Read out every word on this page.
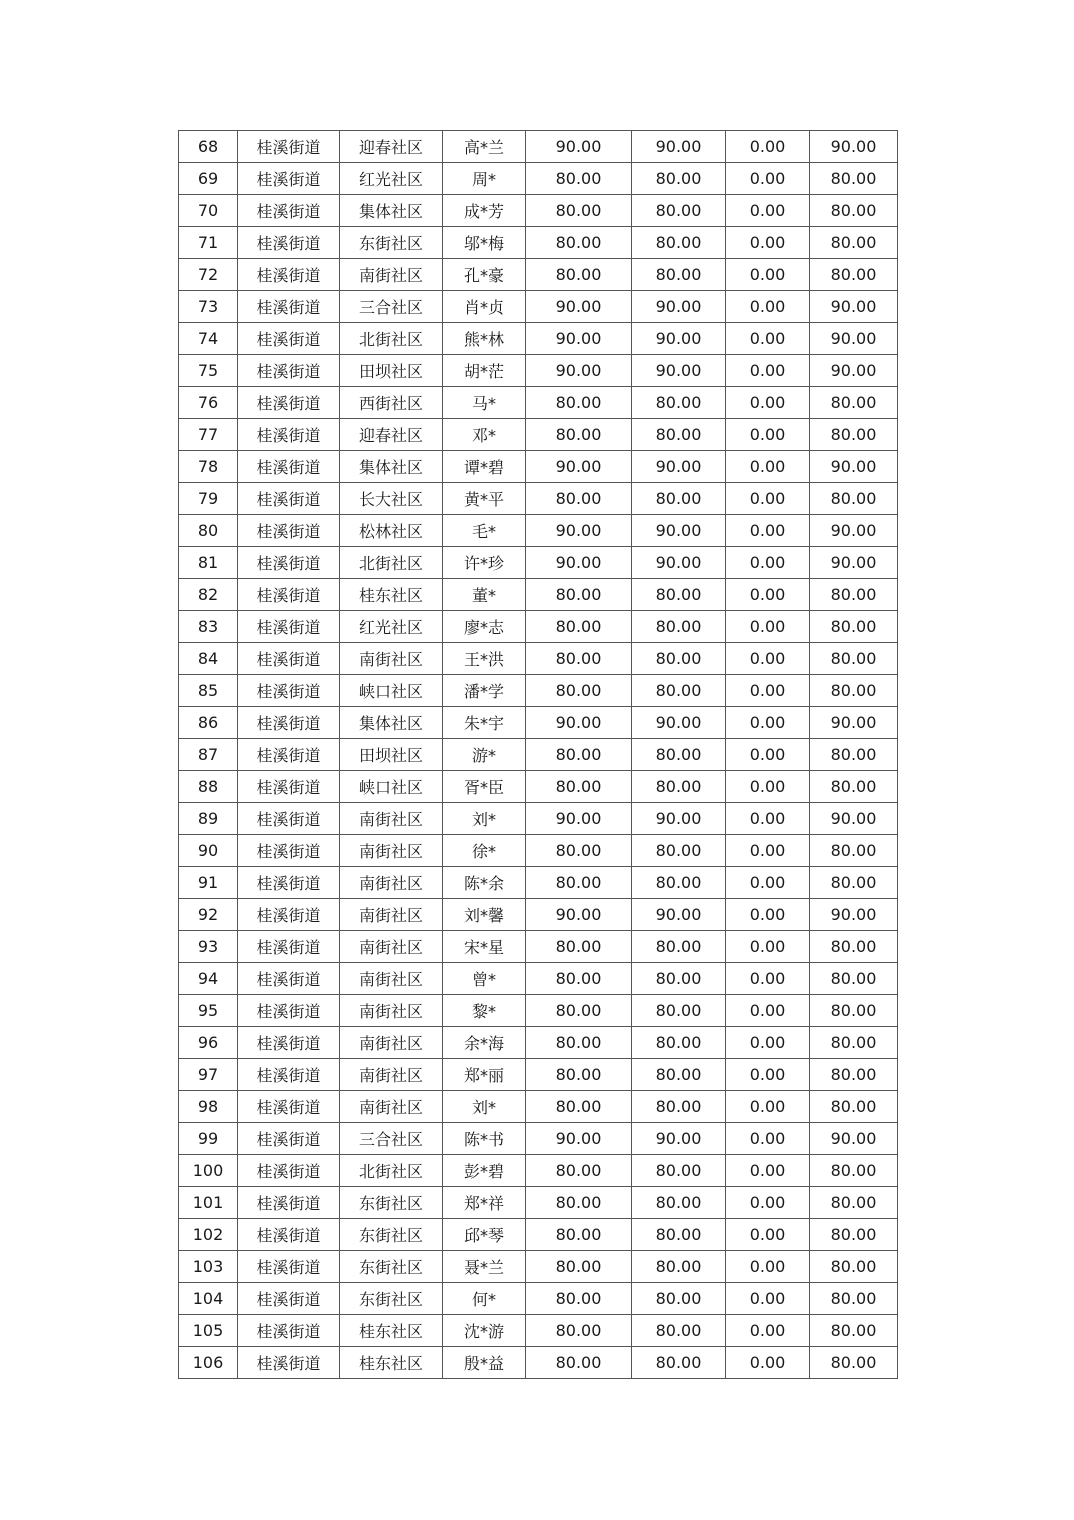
68	桂溪街道	迎春社区	高*兰	90.00	90.00	0.00	90.00
69	桂溪街道	红光社区	周*	80.00	80.00	0.00	80.00
70	桂溪街道	集体社区	成*芳	80.00	80.00	0.00	80.00
71	桂溪街道	东街社区	邬*梅	80.00	80.00	0.00	80.00
72	桂溪街道	南街社区	孔*豪	80.00	80.00	0.00	80.00
73	桂溪街道	三合社区	肖*贞	90.00	90.00	0.00	90.00
74	桂溪街道	北街社区	熊*林	90.00	90.00	0.00	90.00
75	桂溪街道	田坝社区	胡*茫	90.00	90.00	0.00	90.00
76	桂溪街道	西街社区	马*	80.00	80.00	0.00	80.00
77	桂溪街道	迎春社区	邓*	80.00	80.00	0.00	80.00
78	桂溪街道	集体社区	谭*碧	90.00	90.00	0.00	90.00
79	桂溪街道	长大社区	黄*平	80.00	80.00	0.00	80.00
80	桂溪街道	松林社区	毛*	90.00	90.00	0.00	90.00
81	桂溪街道	北街社区	许*珍	90.00	90.00	0.00	90.00
82	桂溪街道	桂东社区	董*	80.00	80.00	0.00	80.00
83	桂溪街道	红光社区	廖*志	80.00	80.00	0.00	80.00
84	桂溪街道	南街社区	王*洪	80.00	80.00	0.00	80.00
85	桂溪街道	峡口社区	潘*学	80.00	80.00	0.00	80.00
86	桂溪街道	集体社区	朱*宇	90.00	90.00	0.00	90.00
87	桂溪街道	田坝社区	游*	80.00	80.00	0.00	80.00
88	桂溪街道	峡口社区	胥*臣	80.00	80.00	0.00	80.00
89	桂溪街道	南街社区	刘*	90.00	90.00	0.00	90.00
90	桂溪街道	南街社区	徐*	80.00	80.00	0.00	80.00
91	桂溪街道	南街社区	陈*余	80.00	80.00	0.00	80.00
92	桂溪街道	南街社区	刘*馨	90.00	90.00	0.00	90.00
93	桂溪街道	南街社区	宋*星	80.00	80.00	0.00	80.00
94	桂溪街道	南街社区	曾*	80.00	80.00	0.00	80.00
95	桂溪街道	南街社区	黎*	80.00	80.00	0.00	80.00
96	桂溪街道	南街社区	余*海	80.00	80.00	0.00	80.00
97	桂溪街道	南街社区	郑*丽	80.00	80.00	0.00	80.00
98	桂溪街道	南街社区	刘*	80.00	80.00	0.00	80.00
99	桂溪街道	三合社区	陈*书	90.00	90.00	0.00	90.00
100	桂溪街道	北街社区	彭*碧	80.00	80.00	0.00	80.00
101	桂溪街道	东街社区	郑*祥	80.00	80.00	0.00	80.00
102	桂溪街道	东街社区	邱*琴	80.00	80.00	0.00	80.00
103	桂溪街道	东街社区	聂*兰	80.00	80.00	0.00	80.00
104	桂溪街道	东街社区	何*	80.00	80.00	0.00	80.00
105	桂溪街道	桂东社区	沈*游	80.00	80.00	0.00	80.00
106	桂溪街道	桂东社区	殷*益	80.00	80.00	0.00	80.00
